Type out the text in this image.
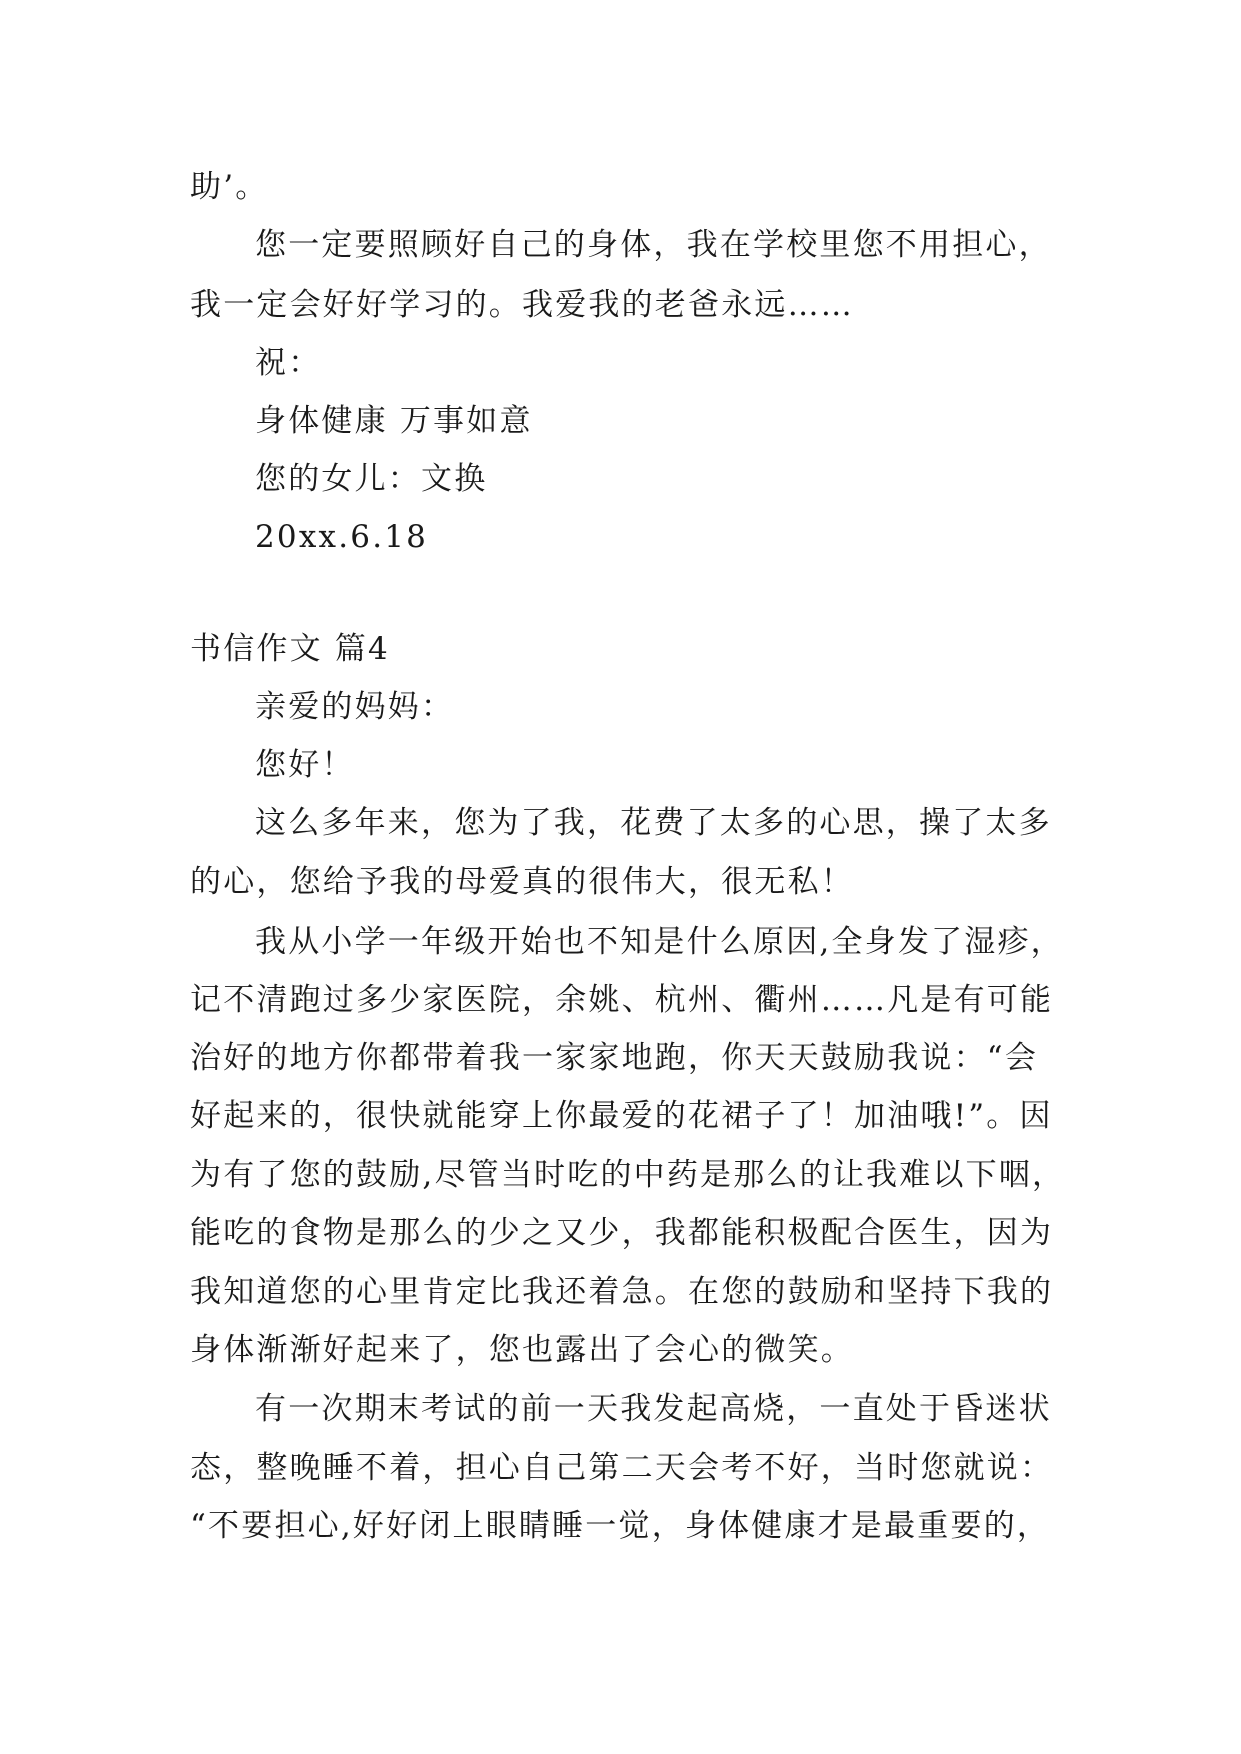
助’。
您一定要照顾好自己的身体，我在学校里您不用担心，
我一定会好好学习的。我爱我的老爸永远……
祝：
身体健康 万事如意
您的女儿：文换
20xx.6.18
书信作文 篇4
亲爱的妈妈：
您好！
这么多年来，您为了我，花费了太多的心思，操了太多
的心，您给予我的母爱真的很伟大，很无私！
我从小学一年级开始也不知是什么原因,全身发了湿疹，
记不清跑过多少家医院，余姚、杭州、衢州……凡是有可能
治好的地方你都带着我一家家地跑，你天天鼓励我说：“会
好起来的，很快就能穿上你最爱的花裙子了！加油哦!”。因
为有了您的鼓励,尽管当时吃的中药是那么的让我难以下咽，
能吃的食物是那么的少之又少，我都能积极配合医生，因为
我知道您的心里肯定比我还着急。在您的鼓励和坚持下我的
身体渐渐好起来了，您也露出了会心的微笑。
有一次期末考试的前一天我发起高烧，一直处于昏迷状
态，整晚睡不着，担心自己第二天会考不好，当时您就说：
“不要担心,好好闭上眼睛睡一觉，身体健康才是最重要的，
